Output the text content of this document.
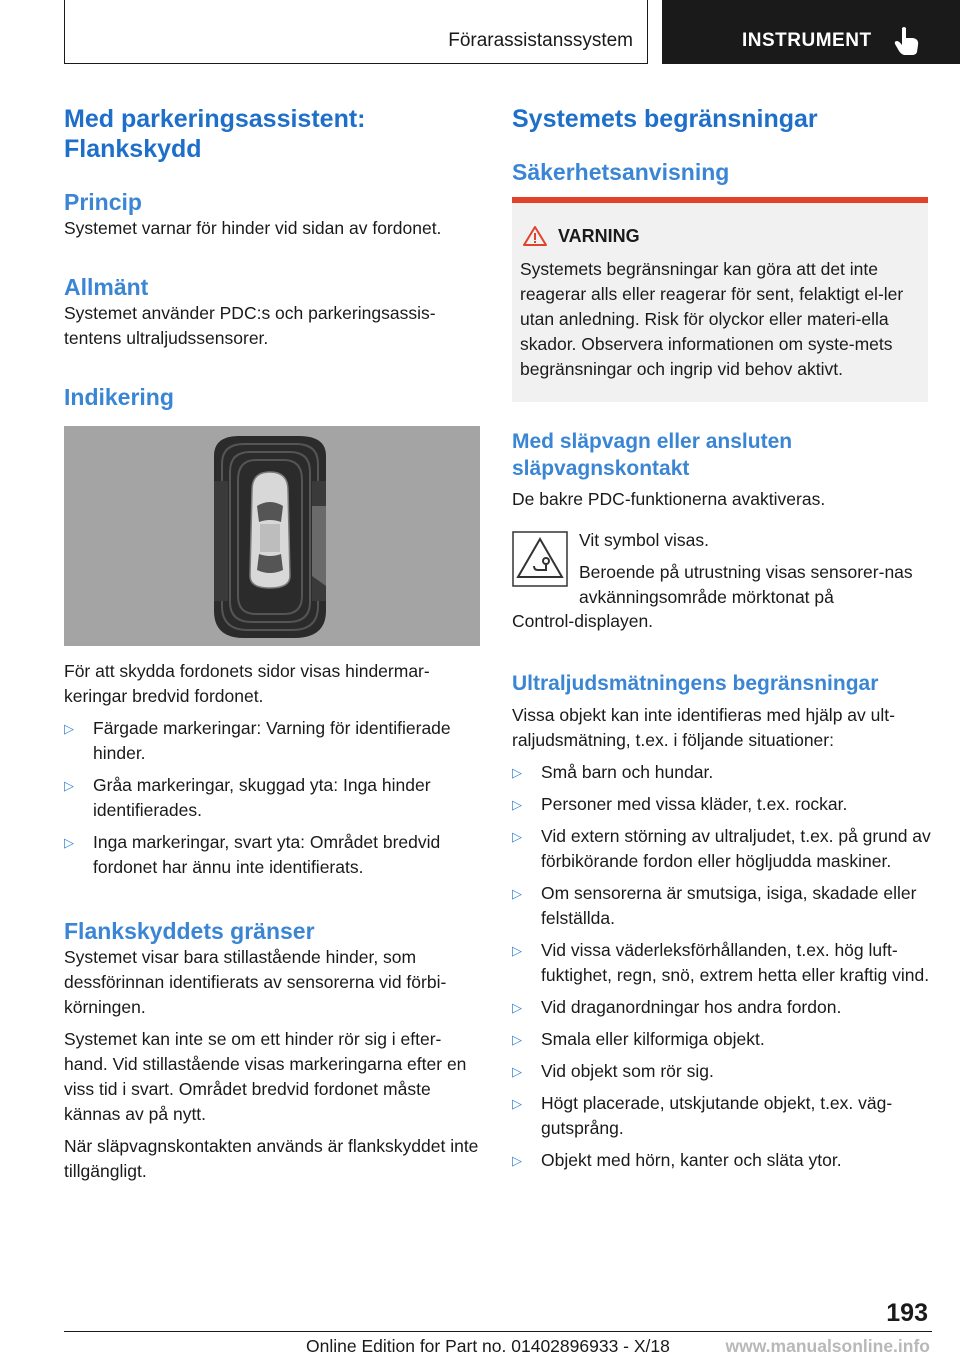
Förarassistanssystem	INSTRUMENT
Med parkeringsassistent: Flankskydd
Princip

Systemet varnar för hinder vid sidan av fordonet.

Allmänt

Systemet använder PDC:s och parkeringsassis-tentens ultraljudssensorer.

Indikering

För att skydda fordonets sidor visas hindermar-keringar bredvid fordonet.

▷ Färgade markeringar: Varning för identifierade hinder.
▷ Gråa markeringar, skuggad yta: Inga hinder identifierades.
▷ Inga markeringar, svart yta: Området bredvid fordonet har ännu inte identifierats.
Flankskyddets gränser

Systemet visar bara stillastående hinder, som dessförinnan identifierats av sensorerna vid förbi-körningen.

Systemet kan inte se om ett hinder rör sig i efter-hand. Vid stillastående visas markeringarna efter en viss tid i svart. Området bredvid fordonet måste kännas av på nytt.

När släpvagnskontakten används är flankskyddet inte tillgängligt.

Systemets begränsningar
Säkerhetsanvisning
VARNING

Systemets begränsningar kan göra att det inte reagerar alls eller reagerar för sent, felaktigt el-ler utan anledning. Risk för olyckor eller materi-ella skador. Observera informationen om syste-mets begränsningar och ingrip vid behov aktivt.

Med släpvagn eller ansluten släpvagnskontakt

De bakre PDC-funktionerna avaktiveras.

Vit symbol visas.

Beroende på utrustning visas sensorer-nas avkänningsområde mörktonat på

Control-displayen.

Ultraljudsmätningens begränsningar

Vissa objekt kan inte identifieras med hjälp av ult-raljudsmätning, t.ex. i följande situationer:

▷ Små barn och hundar.
▷ Personer med vissa kläder, t.ex. rockar.
▷ Vid extern störning av ultraljudet, t.ex. på grund av förbikörande fordon eller högljudda maskiner.
▷ Om sensorerna är smutsiga, isiga, skadade eller felställda.
▷ Vid vissa väderleksförhållanden, t.ex. hög luft-fuktighet, regn, snö, extrem hetta eller kraftig vind.
▷ Vid draganordningar hos andra fordon.
▷ Smala eller kilformiga objekt.
▷ Vid objekt som rör sig.
▷ Högt placerade, utskjutande objekt, t.ex. väg-gutsprång.
▷ Objekt med hörn, kanter och släta ytor.
193
Online Edition for Part no. 01402896933 - X/18	www.manualsonline.info
